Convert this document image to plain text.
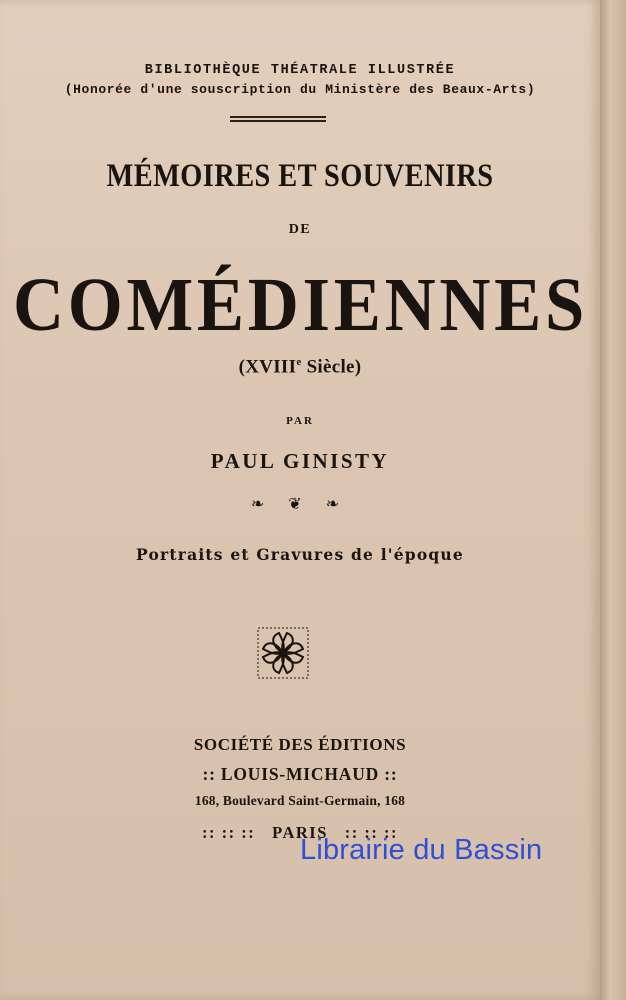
BIBLIOTHÈQUE THÉATRALE ILLUSTRÉE
(Honorée d'une souscription du Ministère des Beaux-Arts)
MÉMOIRES ET SOUVENIRS
DE
COMÉDIENNES
(XVIIIe Siècle)
PAR
PAUL GINISTY
❧ ❦ ❧
Portraits et Gravures de l'époque
SOCIÉTÉ DES ÉDITIONS
:: LOUIS-MICHAUD ::
168, Boulevard Saint-Germain, 168
:: :: ::   PARIS   :: :: ::
Librairie du Bassin
